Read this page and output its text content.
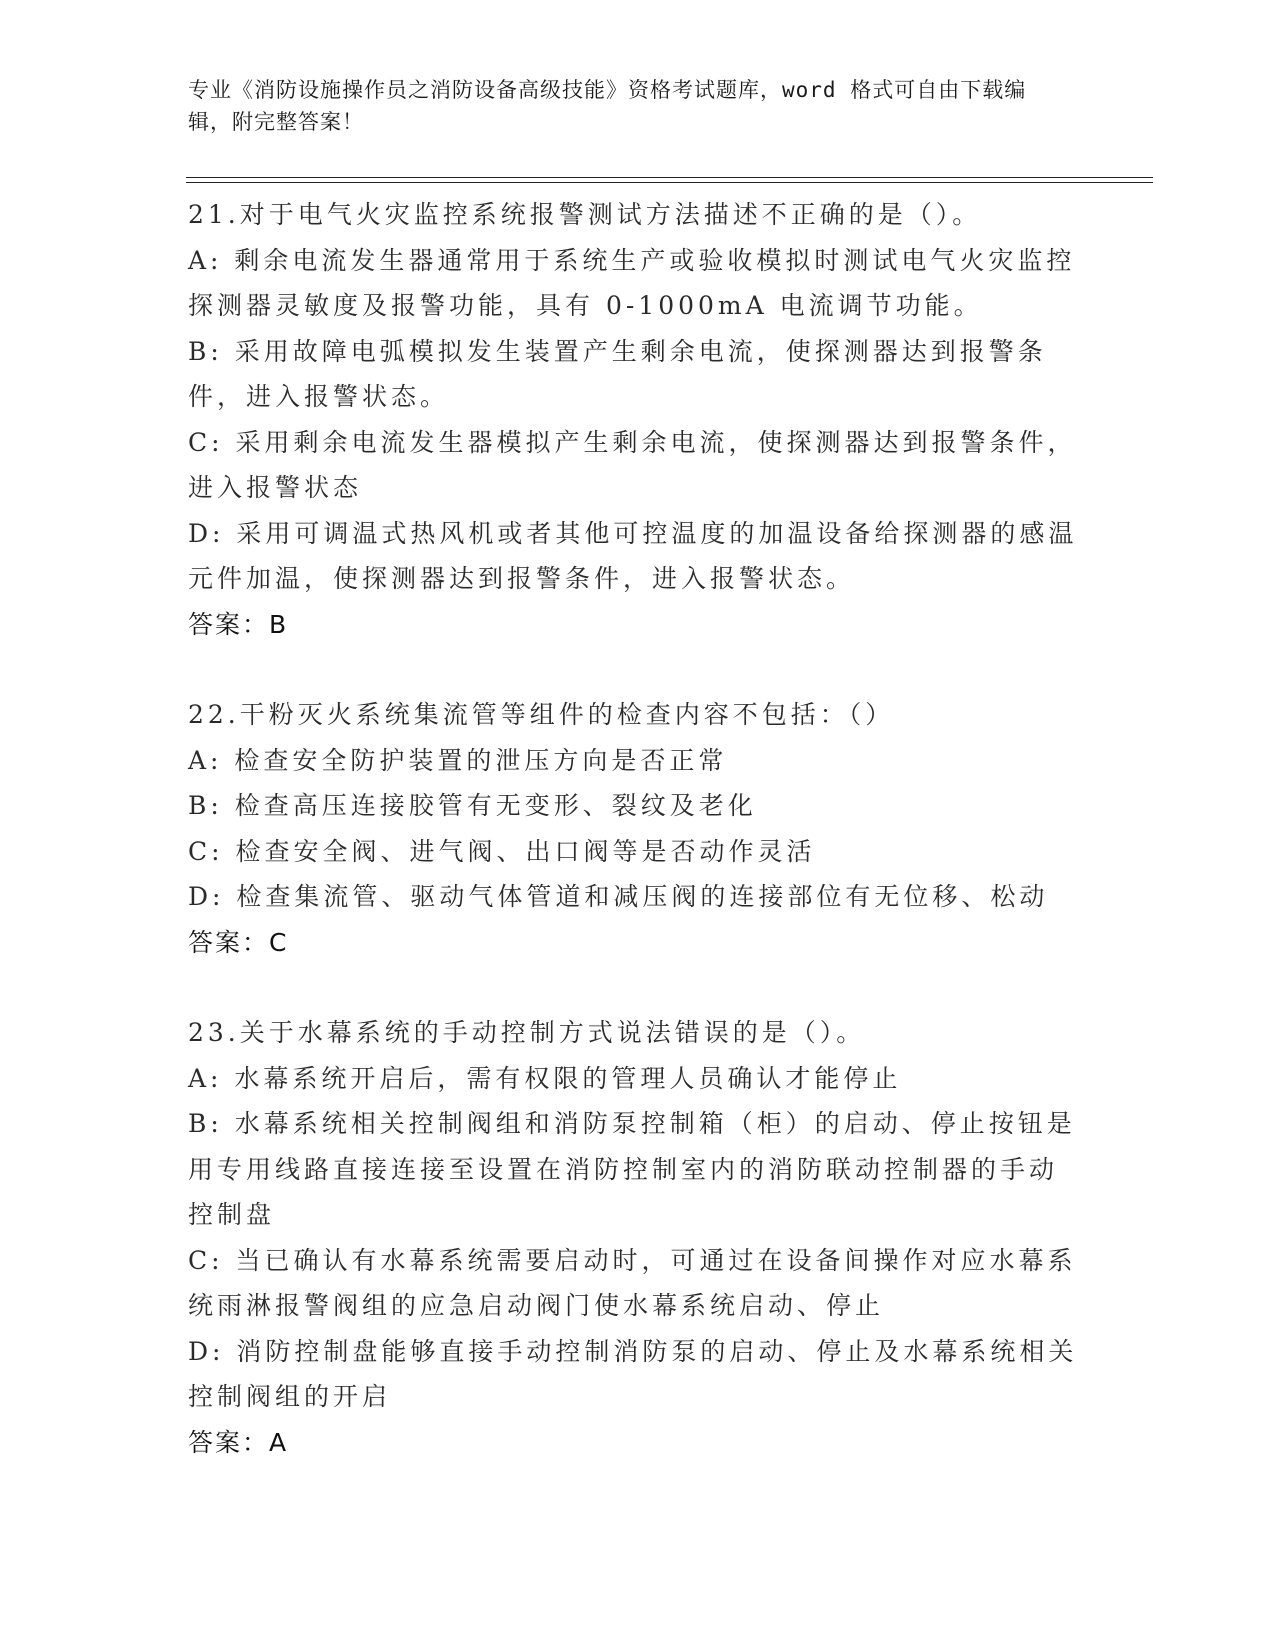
专业《消防设施操作员之消防设备高级技能》资格考试题库，word 格式可自由下载编辑，附完整答案！

21.对于电气火灾监控系统报警测试方法描述不正确的是（）。

A: 剩余电流发生器通常用于系统生产或验收模拟时测试电气火灾监控探测器灵敏度及报警功能，具有 0-1000mA 电流调节功能。

B: 采用故障电弧模拟发生装置产生剩余电流，使探测器达到报警条件，进入报警状态。

C: 采用剩余电流发生器模拟产生剩余电流，使探测器达到报警条件，进入报警状态

D: 采用可调温式热风机或者其他可控温度的加温设备给探测器的感温元件加温，使探测器达到报警条件，进入报警状态。

答案：B

22.干粉灭火系统集流管等组件的检查内容不包括：（）

A: 检查安全防护装置的泄压方向是否正常

B: 检查高压连接胶管有无变形、裂纹及老化

C: 检查安全阀、进气阀、出口阀等是否动作灵活

D: 检查集流管、驱动气体管道和减压阀的连接部位有无位移、松动

答案：C

23.关于水幕系统的手动控制方式说法错误的是（）。

A: 水幕系统开启后，需有权限的管理人员确认才能停止

B: 水幕系统相关控制阀组和消防泵控制箱（柜）的启动、停止按钮是用专用线路直接连接至设置在消防控制室内的消防联动控制器的手动控制盘

C: 当已确认有水幕系统需要启动时，可通过在设备间操作对应水幕系统雨淋报警阀组的应急启动阀门使水幕系统启动、停止

D: 消防控制盘能够直接手动控制消防泵的启动、停止及水幕系统相关控制阀组的开启

答案：A
